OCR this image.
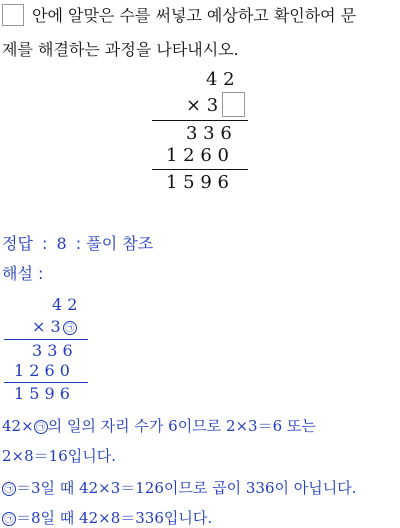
안에 알맞은 수를 써넣고 예상하고 확인하여 문
제를 해결하는 과정을 나타내시오.
4 2
× 3
3 3 6
1 2 6 0
1 5 9 6
정답 : 8 : 풀이 참조
해설 :
4 2
× 3 ㉠
3 3 6
1 2 6 0
1 5 9 6
42× ㉠ 의 일의 자리 수가 6이므로 2×3＝6 또는
2×8＝16입니다.
㉠ ＝3일 때 42×3＝126이므로 곱이 336이 아닙니다.
㉠ ＝8일 때 42×8＝336입니다.
